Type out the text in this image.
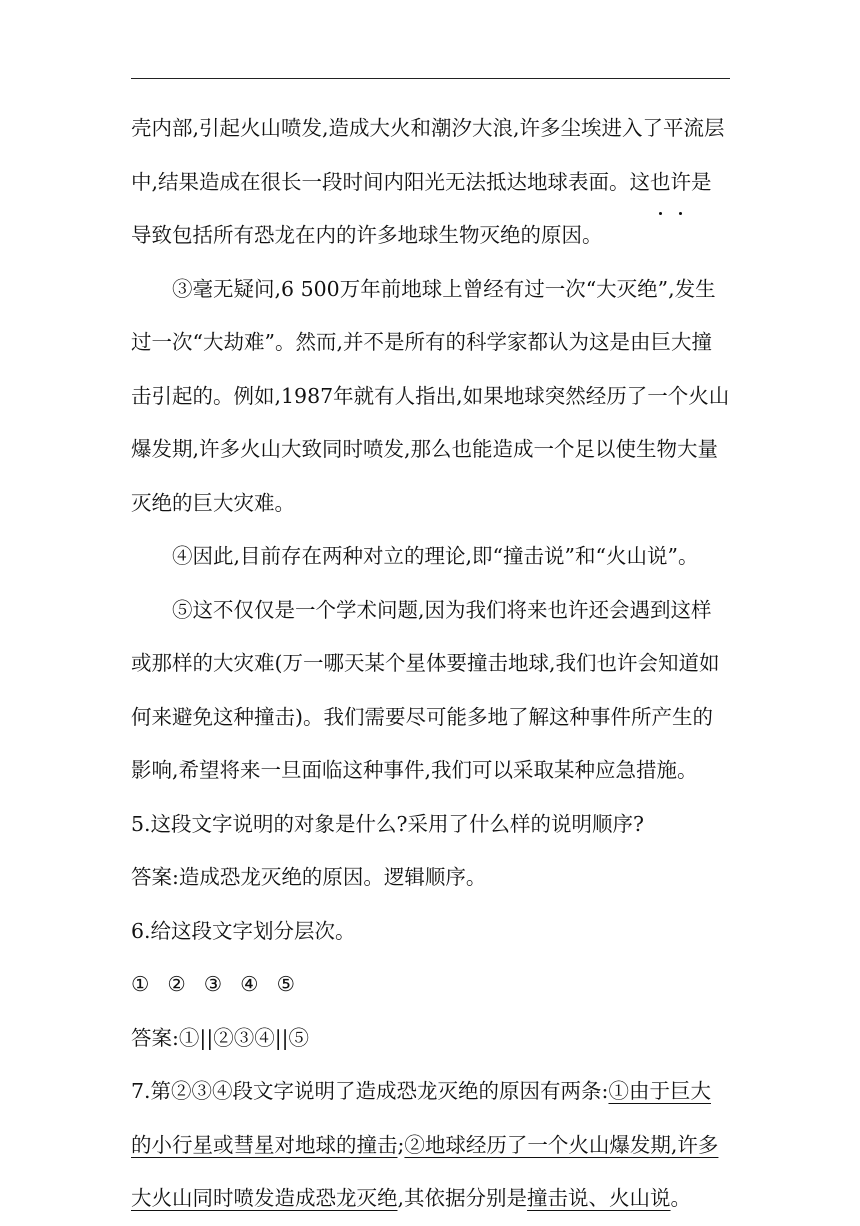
壳内部,引起火山喷发,造成大火和潮汐大浪,许多尘埃进入了平流层中,结果造成在很长一段时间内阳光无法抵达地球表面。这也许是导致包括所有恐龙在内的许多地球生物灭绝的原因。

③毫无疑问,6 500万年前地球上曾经有过一次“大灭绝”,发生过一次“大劫难”。然而,并不是所有的科学家都认为这是由巨大撞击引起的。例如,1987年就有人指出,如果地球突然经历了一个火山爆发期,许多火山大致同时喷发,那么也能造成一个足以使生物大量灭绝的巨大灾难。

④因此,目前存在两种对立的理论,即“撞击说”和“火山说”。

⑤这不仅仅是一个学术问题,因为我们将来也许还会遇到这样或那样的大灾难(万一哪天某个星体要撞击地球,我们也许会知道如何来避免这种撞击)。我们需要尽可能多地了解这种事件所产生的影响,希望将来一旦面临这种事件,我们可以采取某种应急措施。

5.这段文字说明的对象是什么?采用了什么样的说明顺序?

答案:造成恐龙灭绝的原因。逻辑顺序。

6.给这段文字划分层次。

① ② ③ ④ ⑤

答案:①||②③④||⑤

7.第②③④段文字说明了造成恐龙灭绝的原因有两条:①由于巨大的小行星或彗星对地球的撞击;②地球经历了一个火山爆发期,许多大火山同时喷发造成恐龙灭绝,其依据分别是撞击说、火山说。
